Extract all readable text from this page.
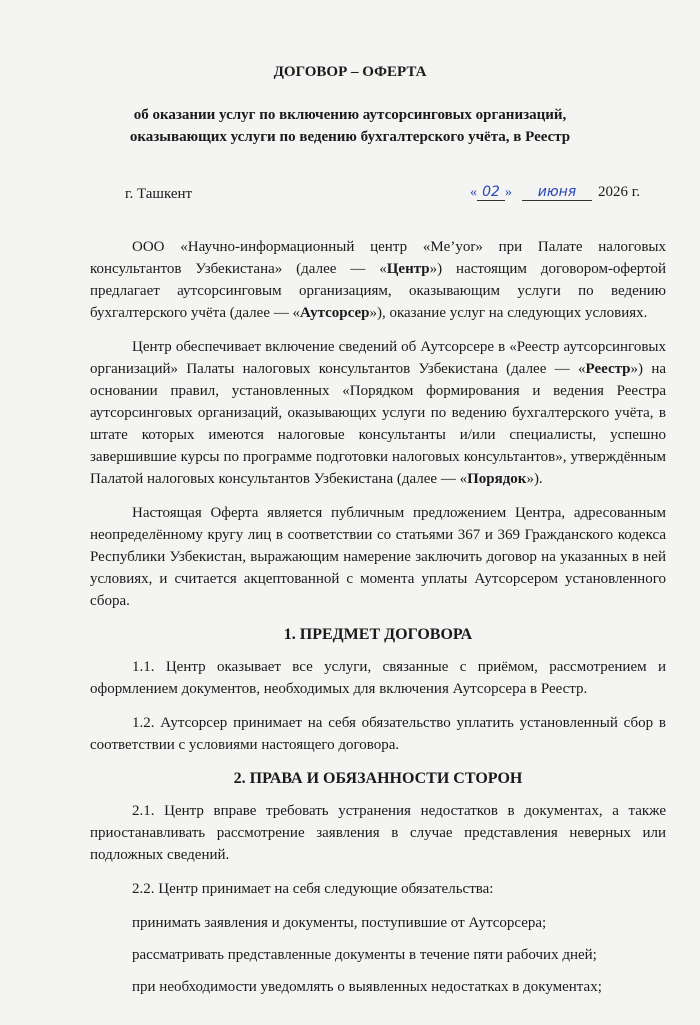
ДОГОВОР – ОФЕРТА
об оказании услуг по включению аутсорсинговых организаций,
оказывающих услуги по ведению бухгалтерского учёта, в Реестр
г. Ташкент	« 02 »	июня	2026 г.

ООО «Научно-информационный центр «Me’yor» при Палате налоговых консультантов Узбекистана» (далее — «Центр») настоящим договором-офертой предлагает аутсорсинговым организациям, оказывающим услуги по ведению бухгалтерского учёта (далее — «Аутсорсер»), оказание услуг на следующих условиях.

Центр обеспечивает включение сведений об Аутсорсере в «Реестр аутсорсинговых организаций» Палаты налоговых консультантов Узбекистана (далее — «Реестр») на основании правил, установленных «Порядком формирования и ведения Реестра аутсорсинговых организаций, оказывающих услуги по ведению бухгалтерского учёта, в штате которых имеются налоговые консультанты и/или специалисты, успешно завершившие курсы по программе подготовки налоговых консультантов», утверждённым Палатой налоговых консультантов Узбекистана (далее — «Порядок»).

Настоящая Оферта является публичным предложением Центра, адресованным неопределённому кругу лиц в соответствии со статьями 367 и 369 Гражданского кодекса Республики Узбекистан, выражающим намерение заключить договор на указанных в ней условиях, и считается акцептованной с момента уплаты Аутсорсером установленного сбора.

1. ПРЕДМЕТ ДОГОВОРА

1.1. Центр оказывает все услуги, связанные с приёмом, рассмотрением и оформлением документов, необходимых для включения Аутсорсера в Реестр.

1.2. Аутсорсер принимает на себя обязательство уплатить установленный сбор в соответствии с условиями настоящего договора.

2. ПРАВА И ОБЯЗАННОСТИ СТОРОН

2.1. Центр вправе требовать устранения недостатков в документах, а также приостанавливать рассмотрение заявления в случае представления неверных или подложных сведений.

2.2. Центр принимает на себя следующие обязательства:

принимать заявления и документы, поступившие от Аутсорсера;

рассматривать представленные документы в течение пяти рабочих дней;

при необходимости уведомлять о выявленных недостатках в документах;
